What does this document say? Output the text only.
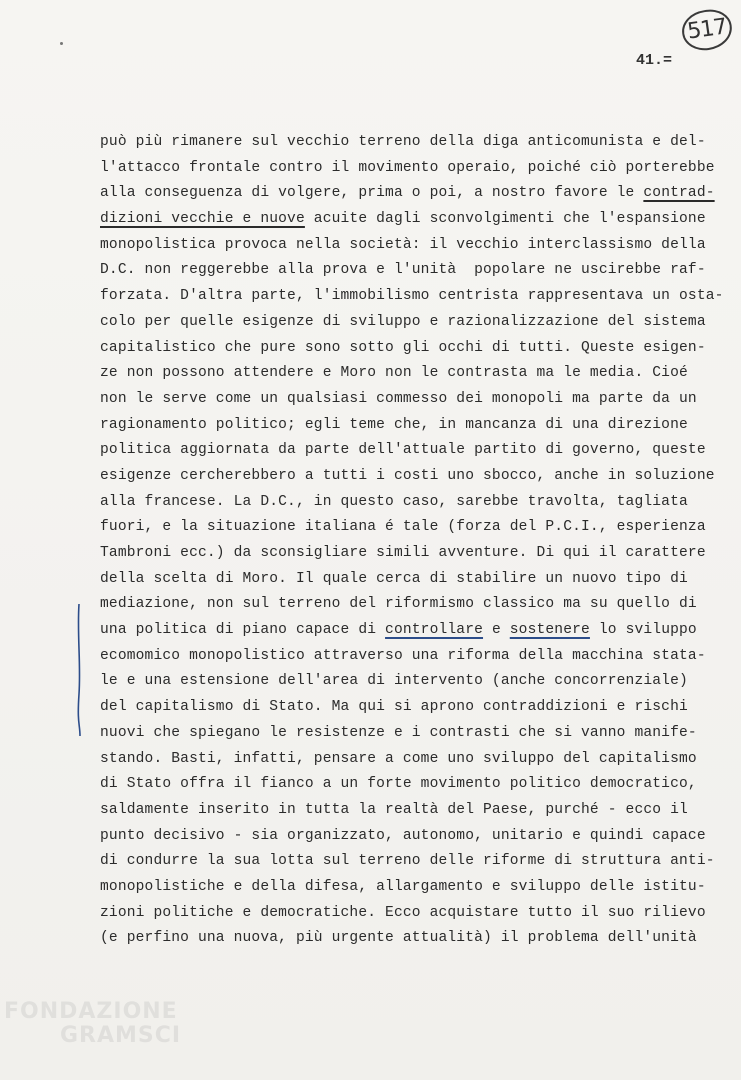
517
41.=
può più rimanere sul vecchio terreno della diga anticomunista e del-
l'attacco frontale contro il movimento operaio, poiché ciò porterebbe
alla conseguenza di volgere, prima o poi, a nostro favore le contrad-
dizioni vecchie e nuove acuite dagli sconvolgimenti che l'espansione
monopolistica provoca nella società: il vecchio interclassismo della
D.C. non reggerebbe alla prova e l'unità  popolare ne uscirebbe raf-
forzata. D'altra parte, l'immobilismo centrista rappresentava un osta-
colo per quelle esigenze di sviluppo e razionalizzazione del sistema
capitalistico che pure sono sotto gli occhi di tutti. Queste esigen-
ze non possono attendere e Moro non le contrasta ma le media. Cioé
non le serve come un qualsiasi commesso dei monopoli ma parte da un
ragionamento politico; egli teme che, in mancanza di una direzione
politica aggiornata da parte dell'attuale partito di governo, queste
esigenze cercherebbero a tutti i costi uno sbocco, anche in soluzione
alla francese. La D.C., in questo caso, sarebbe travolta, tagliata
fuori, e la situazione italiana é tale (forza del P.C.I., esperienza
Tambroni ecc.) da sconsigliare simili avventure. Di qui il carattere
della scelta di Moro. Il quale cerca di stabilire un nuovo tipo di
mediazione, non sul terreno del riformismo classico ma su quello di
una politica di piano capace di controllare e sostenere lo sviluppo
ecomomico monopolistico attraverso una riforma della macchina stata-
le e una estensione dell'area di intervento (anche concorrenziale)
del capitalismo di Stato. Ma qui si aprono contraddizioni e rischi
nuovi che spiegano le resistenze e i contrasti che si vanno manife-
stando. Basti, infatti, pensare a come uno sviluppo del capitalismo
di Stato offra il fianco a un forte movimento politico democratico,
saldamente inserito in tutta la realtà del Paese, purché - ecco il
punto decisivo - sia organizzato, autonomo, unitario e quindi capace
di condurre la sua lotta sul terreno delle riforme di struttura anti-
monopolistiche e della difesa, allargamento e sviluppo delle istitu-
zioni politiche e democratiche. Ecco acquistare tutto il suo rilievo
(e perfino una nuova, più urgente attualità) il problema dell'unità
FONDAZIONE
GRAMSCI
